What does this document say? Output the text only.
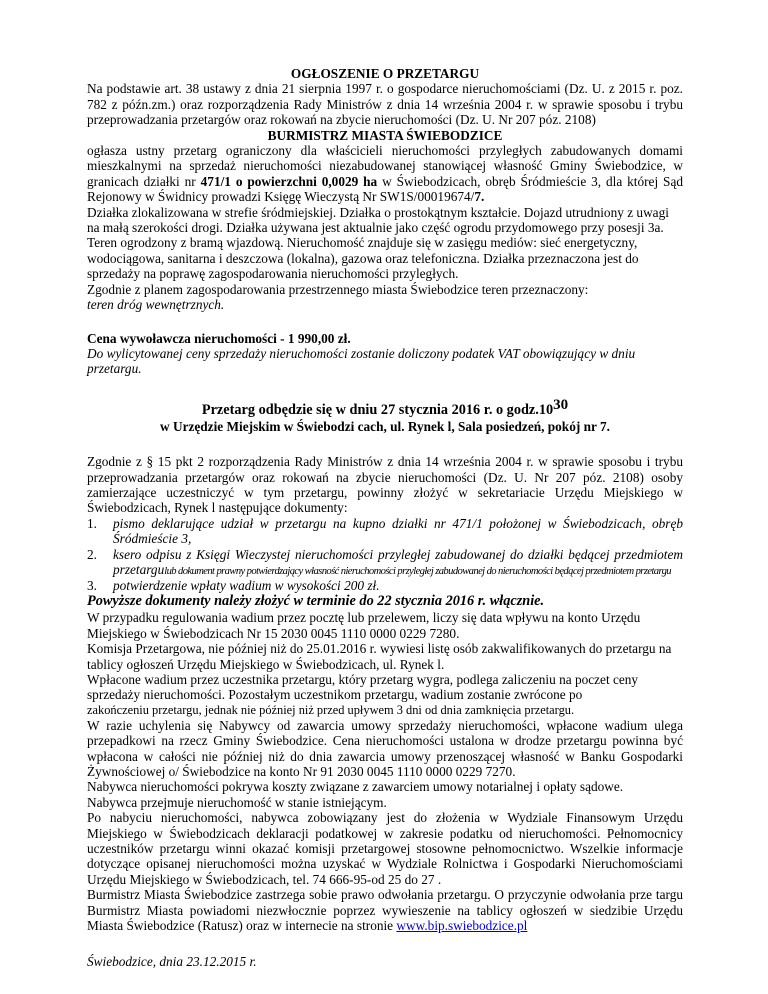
OGŁOSZENIE O PRZETARGU

Na podstawie art. 38 ustawy z dnia 21 sierpnia 1997 r. o gospodarce nieruchomościami (Dz. U. z 2015 r. poz. 782 z późn.zm.) oraz rozporządzenia Rady Ministrów z dnia 14 września 2004 r. w sprawie sposobu i trybu przeprowadzania przetargów oraz rokowań na zbycie nieruchomości (Dz. U. Nr 207 póz. 2108)

BURMISTRZ MIASTA ŚWIEBODZICE

ogłasza ustny przetarg ograniczony dla właścicieli nieruchomości przyległych zabudowanych domami mieszkalnymi na sprzedaż nieruchomości niezabudowanej stanowiącej własność Gminy Świebodzice, w granicach działki nr 471/1 o powierzchni 0,0029 ha w Świebodzicach, obręb Śródmieście 3, dla której Sąd Rejonowy w Świdnicy prowadzi Księgę Wieczystą Nr SW1S/00019674/7.

Działka zlokalizowana w strefie śródmiejskiej. Działka o prostokątnym kształcie. Dojazd utrudniony z uwagi na małą szerokości drogi. Działka używana jest aktualnie jako część ogrodu przydomowego przy posesji 3a. Teren ogrodzony z bramą wjazdową. Nieruchomość znajduje się w zasięgu mediów: sieć energetyczny, wodociągowa, sanitarna i deszczowa (lokalna), gazowa oraz telefoniczna. Działka przeznaczona jest do sprzedaży na poprawę zagospodarowania nieruchomości przyległych.

Zgodnie z planem zagospodarowania przestrzennego miasta Świebodzice teren przeznaczony:

teren dróg wewnętrznych.

Cena wywoławcza nieruchomości - 1 990,00 zł.

Do wylicytowanej ceny sprzedaży nieruchomości zostanie doliczony podatek VAT obowiązujący w dniu przetargu.

Przetarg odbędzie się w dniu 27 stycznia 2016 r. o godz.1030

w Urzędzie Miejskim w Świebodzi cach, ul. Rynek l, Sala posiedzeń, pokój nr 7.

Zgodnie z § 15 pkt 2 rozporządzenia Rady Ministrów z dnia 14 września 2004 r. w sprawie sposobu i trybu przeprowadzania przetargów oraz rokowań na zbycie nieruchomości (Dz. U. Nr 207 póz. 2108) osoby zamierzające uczestniczyć w tym przetargu, powinny złożyć w sekretariacie Urzędu Miejskiego w Świebodzicach, Rynek l następujące dokumenty:

1. pismo deklarujące udział w przetargu na kupno działki nr 471/1 położonej w Świebodzicach, obręb Śródmieście 3,
2. ksero odpisu z Księgi Wieczystej nieruchomości przyległej zabudowanej do działki będącej przedmiotem przetargulub dokument prawny potwierdzający własność nieruchomości przyległej zabudowanej do nieruchomości będącej przedmiotem przetargu
3. potwierdzenie wpłaty wadium w wysokości 200 zł.

Powyższe dokumenty należy złożyć w terminie do 22 stycznia 2016 r. włącznie.

W przypadku regulowania wadium przez pocztę lub przelewem, liczy się data wpływu na konto Urzędu Miejskiego w Świebodzicach Nr 15 2030 0045 1110 0000 0229 7280.

Komisja Przetargowa, nie później niż do 25.01.2016 r. wywiesi listę osób zakwalifikowanych do przetargu na tablicy ogłoszeń Urzędu Miejskiego w Świebodzicach, ul. Rynek l.

Wpłacone wadium przez uczestnika przetargu, który przetarg wygra, podlega zaliczeniu na poczet ceny sprzedaży nieruchomości. Pozostałym uczestnikom przetargu, wadium zostanie zwrócone po

zakończeniu przetargu, jednak nie później niż przed upływem 3 dni od dnia zamknięcia przetargu.

W razie uchylenia się Nabywcy od zawarcia umowy sprzedaży nieruchomości, wpłacone wadium ulega przepadkowi na rzecz Gminy Świebodzice. Cena nieruchomości ustalona w drodze przetargu powinna być wpłacona w całości nie później niż do dnia zawarcia umowy przenoszącej własność w Banku Gospodarki Żywnościowej o/ Świebodzice na konto Nr 91 2030 0045 1110 0000 0229 7270.

Nabywca nieruchomości pokrywa koszty związane z zawarciem umowy notarialnej i opłaty sądowe.

Nabywca przejmuje nieruchomość w stanie istniejącym.

Po nabyciu nieruchomości, nabywca zobowiązany jest do złożenia w Wydziale Finansowym Urzędu Miejskiego w Świebodzicach deklaracji podatkowej w zakresie podatku od nieruchomości. Pełnomocnicy uczestników przetargu winni okazać komisji przetargowej stosowne pełnomocnictwo. Wszelkie informacje dotyczące opisanej nieruchomości można uzyskać w Wydziale Rolnictwa i Gospodarki Nieruchomościami Urzędu Miejskiego w Świebodzicach, tel. 74 666-95-od 25 do 27 .

Burmistrz Miasta Świebodzice zastrzega sobie prawo odwołania przetargu. O przyczynie odwołania prze targu Burmistrz Miasta powiadomi niezwłocznie poprzez wywieszenie na tablicy ogłoszeń w siedzibie Urzędu Miasta Świebodzice (Ratusz) oraz w internecie na stronie www.bip.swiebodzice.pl

Świebodzice, dnia 23.12.2015 r.
